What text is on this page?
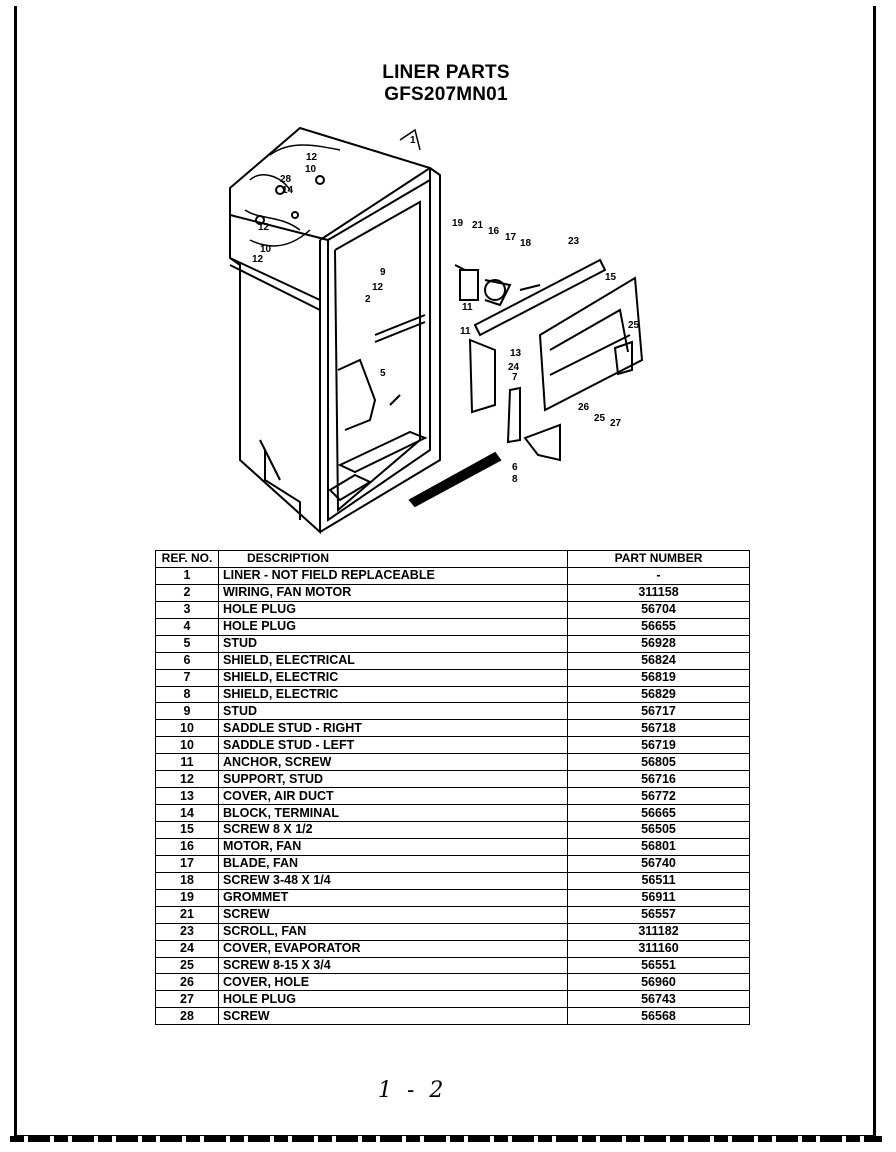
LINER PARTS
GFS207MN01
1
12
10
28
14
12
10
12
9
12
2
5
19 21
16
17
18	23
15
25
11
11
13
24
7
6
8
26
25 27
REF. NO.	DESCRIPTION	PART NUMBER
1	LINER - NOT FIELD REPLACEABLE	-
2	WIRING, FAN MOTOR	311158
3	HOLE PLUG	56704
4	HOLE PLUG	56655
5	STUD	56928
6	SHIELD, ELECTRICAL	56824
7	SHIELD, ELECTRIC	56819
8	SHIELD, ELECTRIC	56829
9	STUD	56717
10	SADDLE STUD - RIGHT	56718
10	SADDLE STUD - LEFT	56719
11	ANCHOR, SCREW	56805
12	SUPPORT, STUD	56716
13	COVER, AIR DUCT	56772
14	BLOCK, TERMINAL	56665
15	SCREW 8 X 1/2	56505
16	MOTOR, FAN	56801
17	BLADE, FAN	56740
18	SCREW 3-48 X 1/4	56511
19	GROMMET	56911
21	SCREW	56557
23	SCROLL, FAN	311182
24	COVER, EVAPORATOR	311160
25	SCREW 8-15 X 3/4	56551
26	COVER, HOLE	56960
27	HOLE PLUG	56743
28	SCREW	56568
1 - 2
